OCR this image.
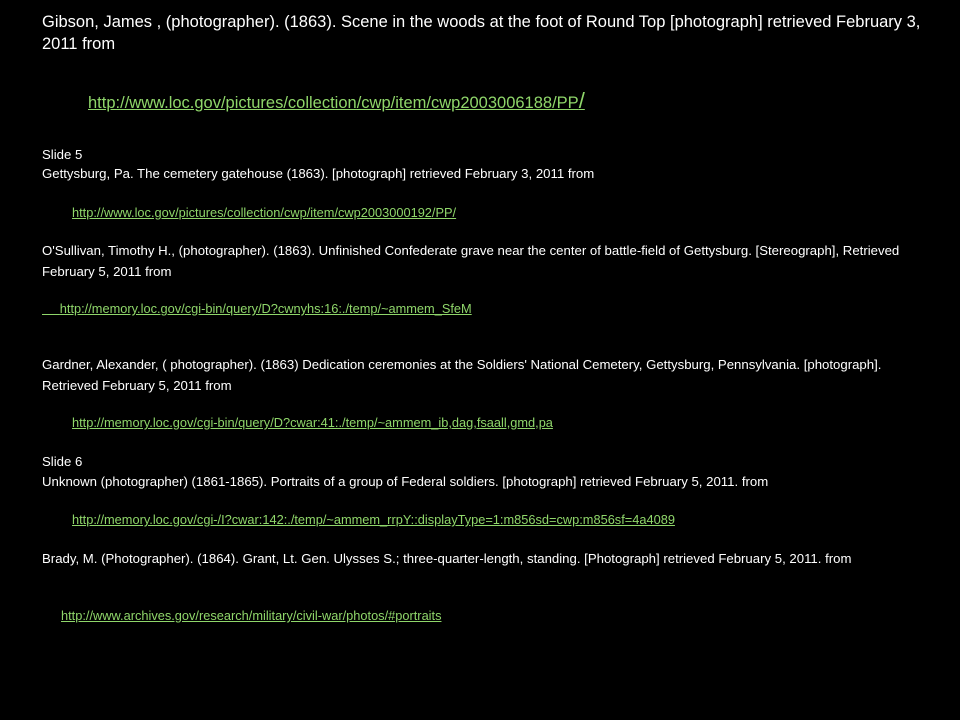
Gibson, James , (photographer). (1863). Scene in the woods at the foot of Round Top [photograph] retrieved February 3, 2011 from

http://www.loc.gov/pictures/collection/cwp/item/cwp2003006188/PP/

Slide 5

Gettysburg, Pa. The cemetery gatehouse (1863). [photograph] retrieved February 3, 2011 from

http://www.loc.gov/pictures/collection/cwp/item/cwp2003000192/PP/

O'Sullivan, Timothy H., (photographer). (1863). Unfinished Confederate grave near the center of battle-field of Gettysburg. [Stereograph], Retrieved February 5, 2011 from

http://memory.loc.gov/cgi-bin/query/D?cwnyhs:16:./temp/~ammem_SfeM

Gardner, Alexander, ( photographer). (1863) Dedication ceremonies at the Soldiers' National Cemetery, Gettysburg, Pennsylvania. [photograph]. Retrieved February 5, 2011 from

http://memory.loc.gov/cgi-bin/query/D?cwar:41:./temp/~ammem_ib,dag,fsaall,gmd,pa

Slide 6

Unknown (photographer) (1861-1865). Portraits of a group of Federal soldiers. [photograph] retrieved February 5, 2011. from

http://memory.loc.gov/cgi-/I?cwar:142:./temp/~ammem_rrpY::displayType=1:m856sd=cwp:m856sf=4a4089

Brady, M. (Photographer). (1864). Grant, Lt. Gen. Ulysses S.; three-quarter-length, standing. [Photograph] retrieved February 5, 2011. from

http://www.archives.gov/research/military/civil-war/photos/#portraits
